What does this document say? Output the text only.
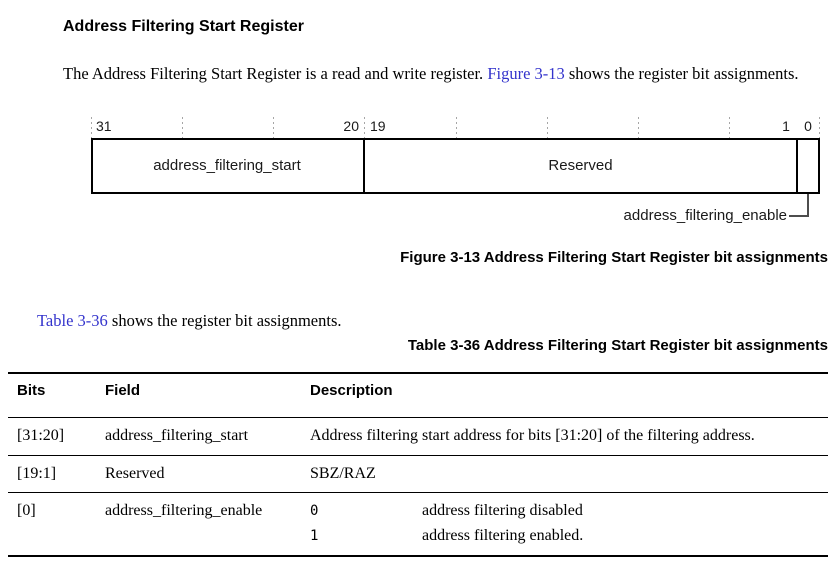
Address Filtering Start Register

The Address Filtering Start Register is a read and write register. Figure 3-13 shows the register bit assignments.

31	20 19	1 0
address_filtering_start	Reserved
address_filtering_enable
Figure 3-13 Address Filtering Start Register bit assignments

Table 3-36 shows the register bit assignments.

Table 3-36 Address Filtering Start Register bit assignments
Bits	Field	Description
[31:20]	address_filtering_start	Address filtering start address for bits [31:20] of the filtering address.
[19:1]	Reserved	SBZ/RAZ
[0]	address_filtering_enable	0	address filtering disabled
1	address filtering enabled.
